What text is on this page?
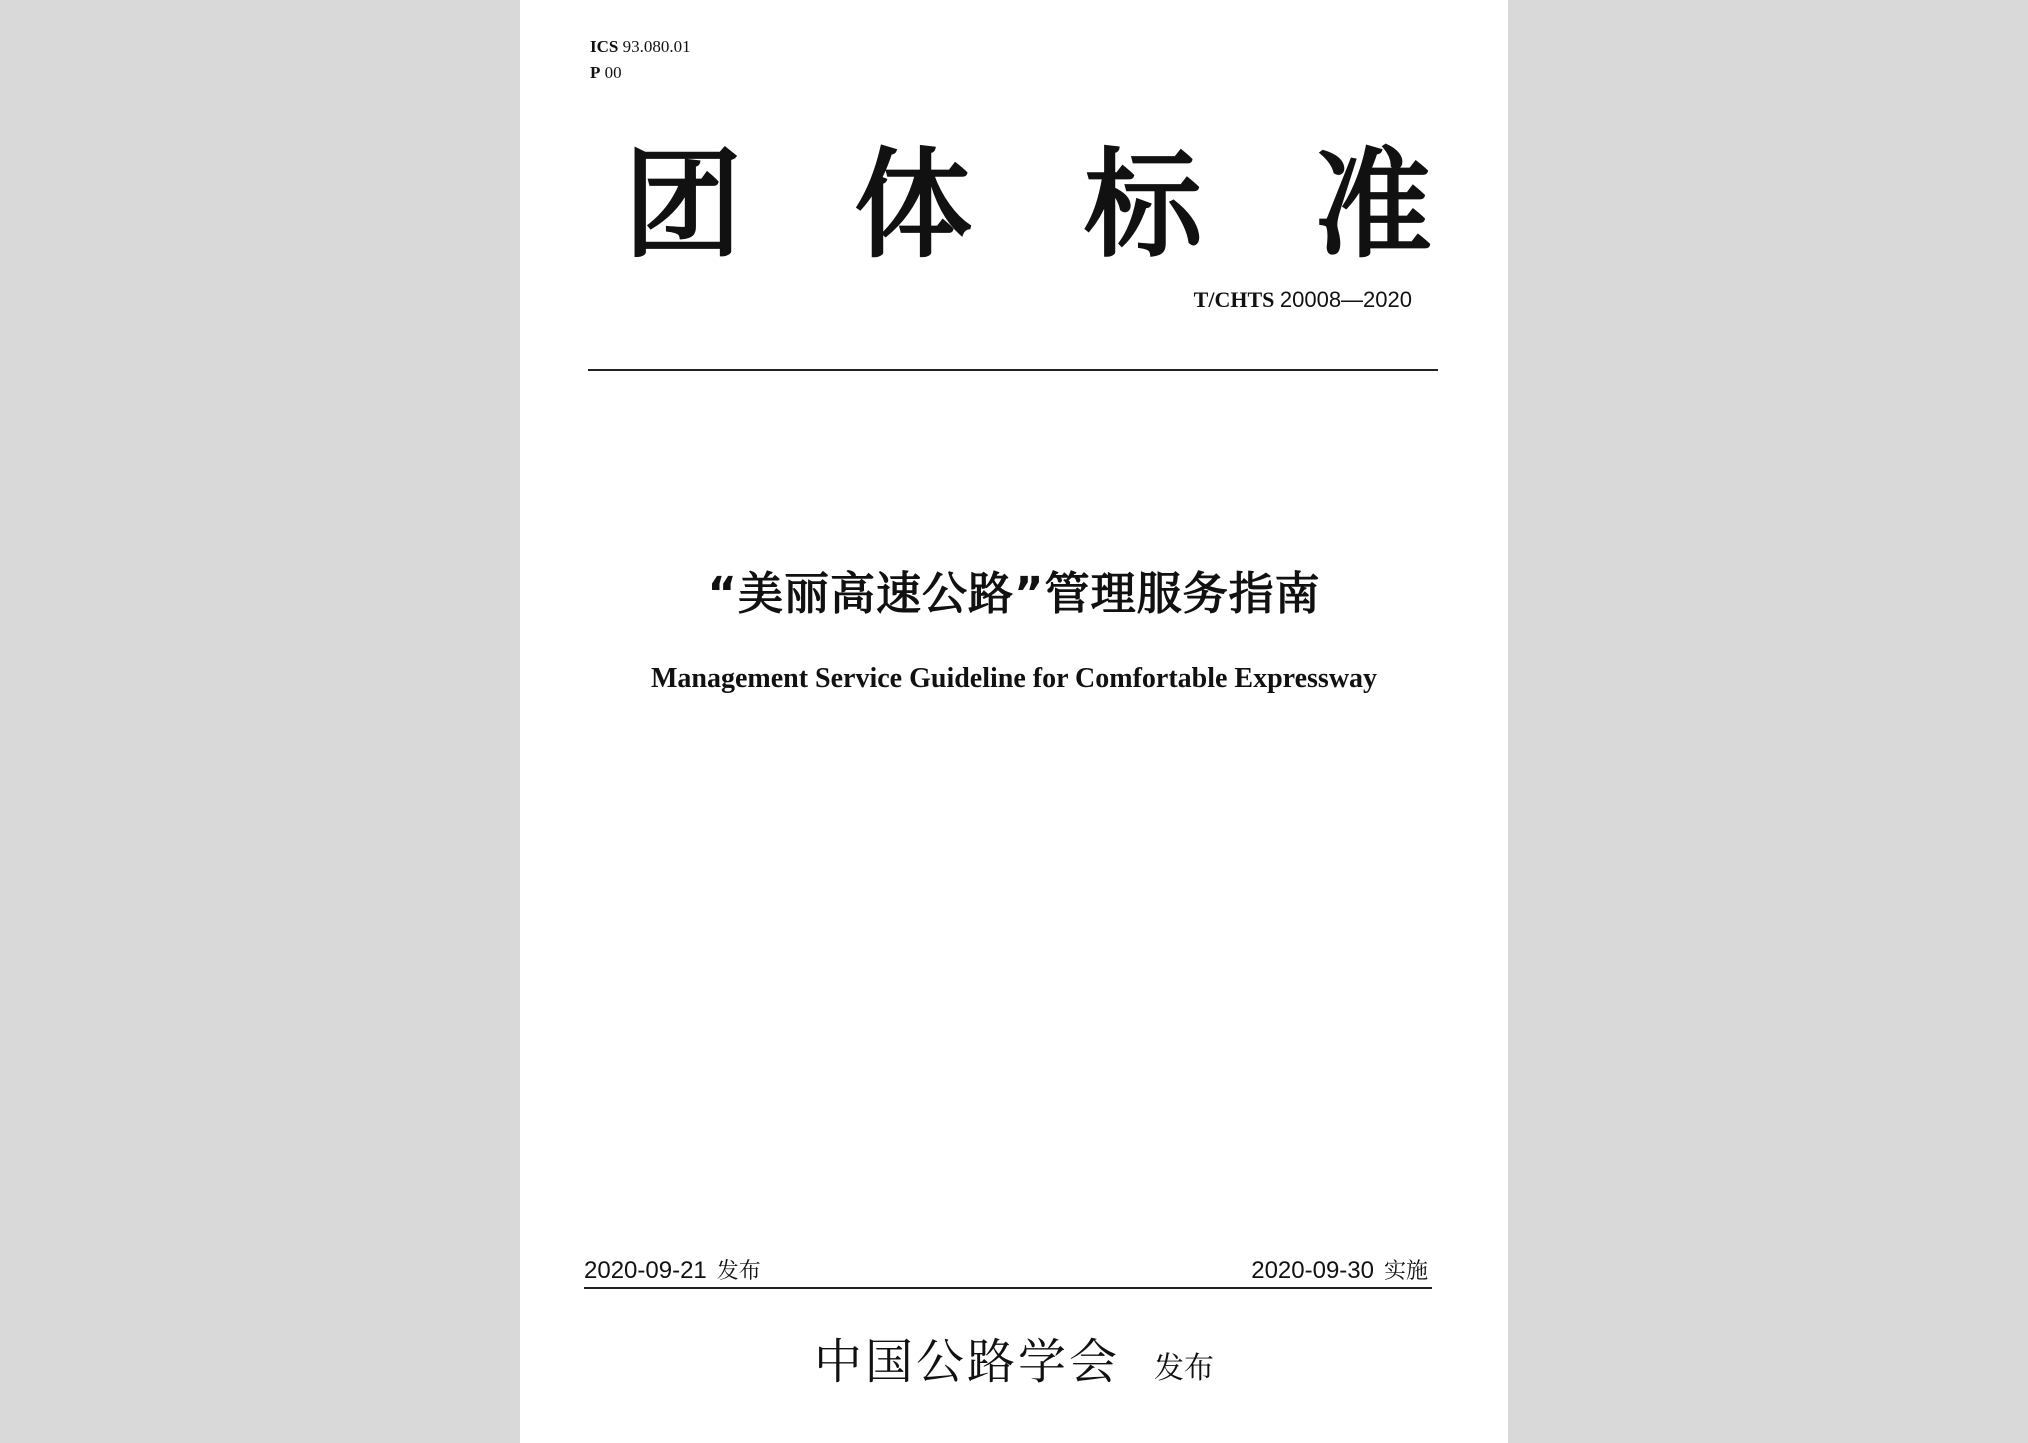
ICS 93.080.01

P 00

团体标准

T/CHTS 20008—2020

“美丽高速公路”管理服务指南
Management Service Guideline for Comfortable Expressway

2020-09-21 发布	2020-09-30 实施

中国公路学会 发布
